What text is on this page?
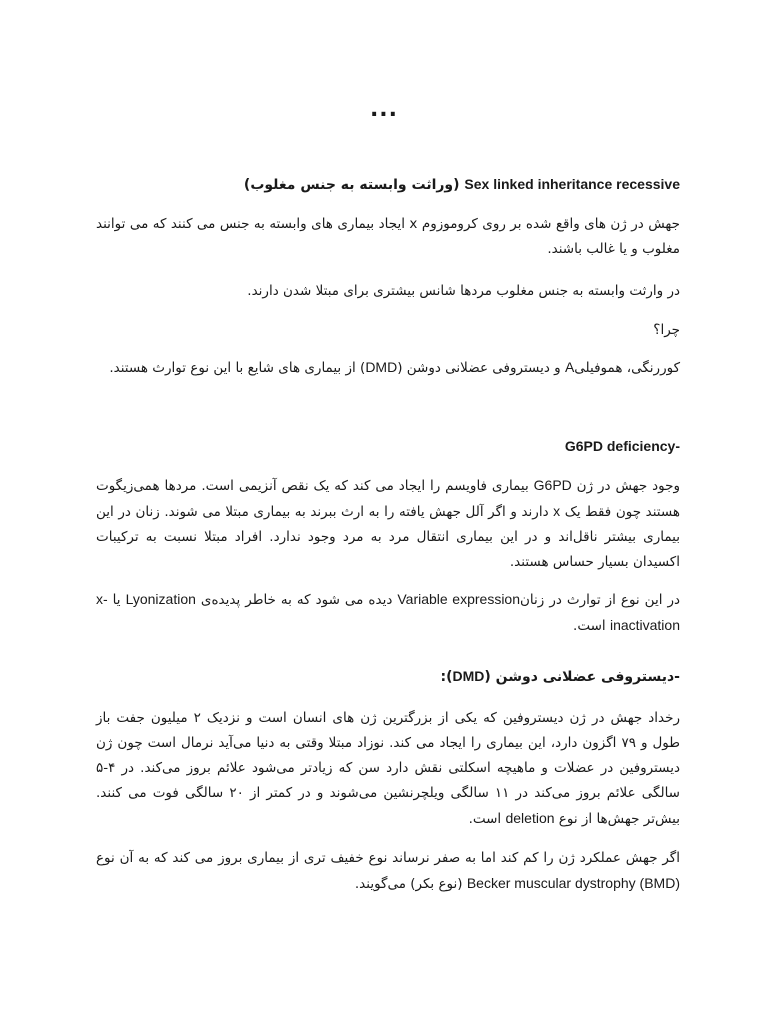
...

Sex linked inheritance recessive (وراثت وابسته به جنس مغلوب)

جهش در ژن های واقع شده بر روی کروموزوم x ایجاد بیماری های وابسته به جنس می کنند که می توانند مغلوب و یا غالب باشند.

در وارثت وابسته به جنس مغلوب مردها شانس بیشتری برای مبتلا شدن دارند.

چرا؟

کوررنگی، هموفیلیA و دیستروفی عضلانی دوشن (DMD) از بیماری های شایع با این نوع توارث هستند.

G6PD deficiency-

وجود جهش در ژن G6PD بیماری فاویسم را ایجاد می کند که یک نقص آنزیمی است. مردها همی‌زیگوت هستند چون فقط یک x دارند و اگر آلل جهش یافته را به ارث ببرند به بیماری مبتلا می شوند. زنان در این بیماری بیشتر ناقل‌اند و در این بیماری انتقال مرد به مرد وجود ندارد. افراد مبتلا نسبت به ترکیبات اکسیدان بسیار حساس هستند.

در این نوع از توارث در زنانVariable expression دیده می شود که به خاطر پدیده‌ی Lyonization یا x-inactivation است.

-دیستروفی عضلانی دوشن (DMD):

رخداد جهش در ژن دیستروفین که یکی از بزرگترین ژن های انسان است و نزدیک ۲ میلیون جفت باز طول و ۷۹ اگزون دارد، این بیماری را ایجاد می کند. نوزاد مبتلا وقتی به دنیا می‌آید نرمال است چون ژن دیستروفین در عضلات و ماهیچه اسکلتی نقش دارد سن که زیادتر می‌شود علائم بروز می‌کند. در ۴-۵ سالگی علائم بروز می‌کند در ۱۱ سالگی ویلچرنشین می‌شوند و در کمتر از ۲۰ سالگی فوت می کنند. بیش‌تر جهش‌ها از نوع deletion است.

اگر جهش عملکرد ژن را کم کند اما به صفر نرساند نوع خفیف تری از بیماری بروز می کند که به آن نوع Becker muscular dystrophy (BMD) (نوع بکر) می‌گویند.
